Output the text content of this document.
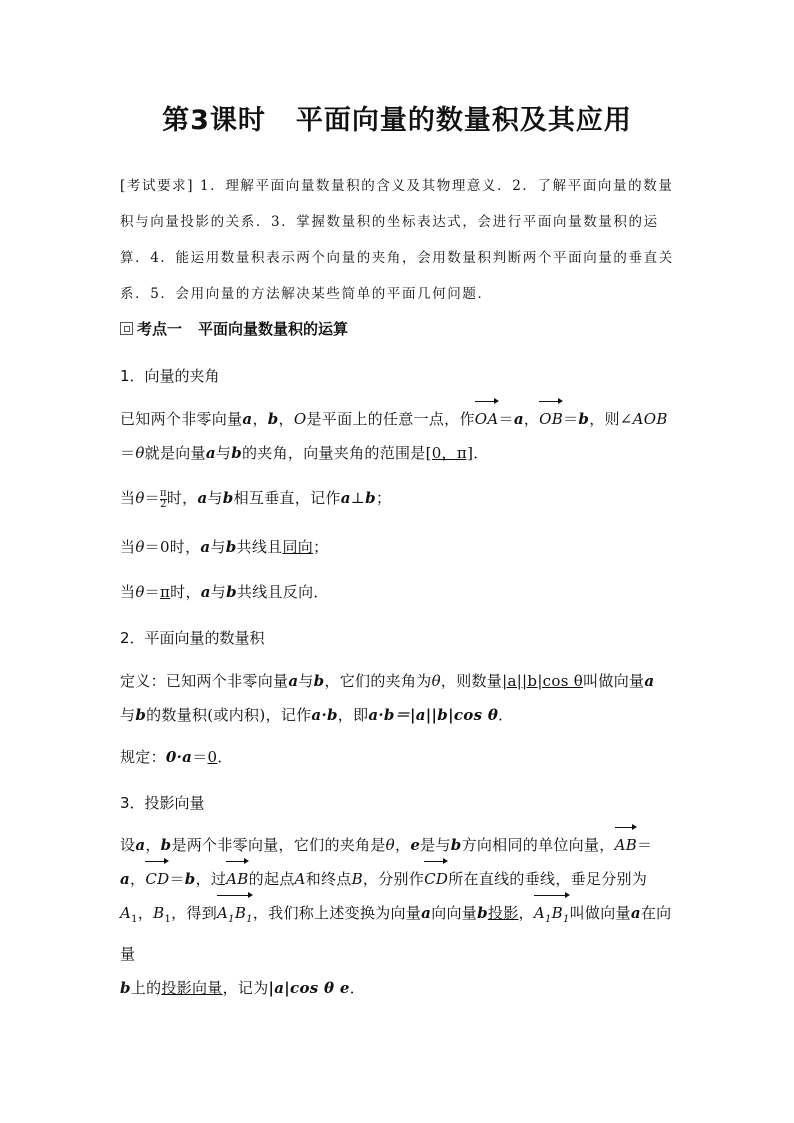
第3课时 平面向量的数量积及其应用
[考试要求] 1．理解平面向量数量积的含义及其物理意义．2．了解平面向量的数量积与向量投影的关系．3．掌握数量积的坐标表达式，会进行平面向量数量积的运算．4．能运用数量积表示两个向量的夹角，会用数量积判断两个平面向量的垂直关系．5．会用向量的方法解决某些简单的平面几何问题．
考点一 平面向量数量积的运算
1．向量的夹角
已知两个非零向量a，b，O是平面上的任意一点，作OA＝a，OB＝b，则∠AOB
＝θ就是向量a与b的夹角，向量夹角的范围是[0，π]．
当$\theta= \frac{\pi}{2}$ 时，a与b相互垂直，记作a⊥b；
当θ＝0时，a与b共线且同向；
当θ＝π时，a与b共线且反向．
2．平面向量的数量积
定义：已知两个非零向量a与b，它们的夹角为θ，则数量|a||b|cos θ叫做向量a
与b的数量积(或内积)，记作a·b，即a·b＝|a||b|cos θ．
规定：0·a＝0．
3．投影向量
设a，b是两个非零向量，它们的夹角是θ，e是与b方向相同的单位向量，AB＝
a，CD＝b，过AB的起点A和终点B，分别作CD所在直线的垂线，垂足分别为
$A_1$，$B_1$，得到$A_1B_1$，我们称上述变换为向量a向向量b投影，$A_1B_1$叫做向量a在向量
b上的投影向量，记为|a|cos θ e．
